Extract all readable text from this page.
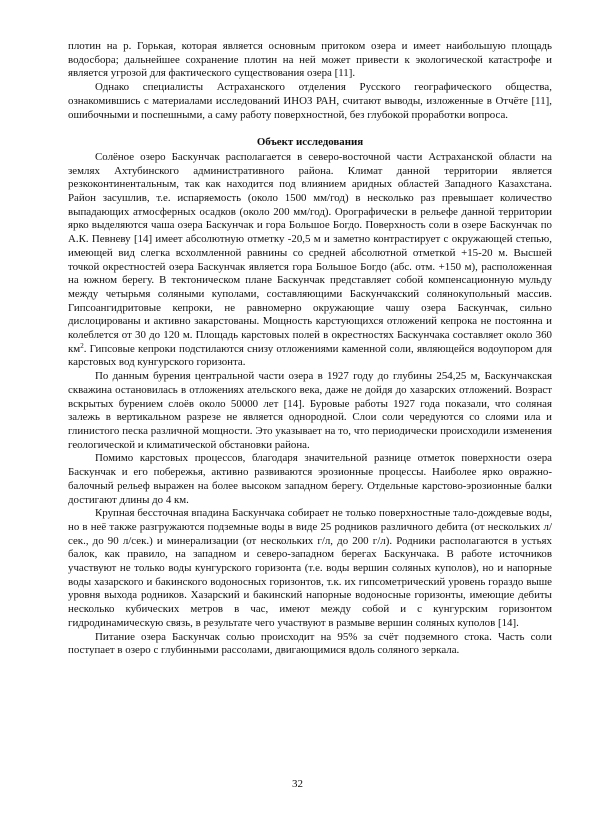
плотин на р. Горькая, которая является основным притоком озера и имеет наибольшую площадь водосбора; дальнейшее сохранение плотин на ней может привести к экологической катастрофе и является угрозой для фактического существования озера [11].

Однако специалисты Астраханского отделения Русского географического общества, ознакомившись с материалами исследований ИНОЗ РАН, считают выводы, изложенные в Отчёте [11], ошибочными и поспешными, а саму работу поверхностной, без глубокой проработки вопроса.

Объект исследования

Солёное озеро Баскунчак располагается в северо-восточной части Астраханской области на землях Ахтубинского административного района. Климат данной территории является резкоконтинентальным, так как находится под влиянием аридных областей Западного Казахстана. Район засушлив, т.е. испаряемость (около 1500 мм/год) в несколько раз превышает количество выпадающих атмосферных осадков (около 200 мм/год). Орографически в рельефе данной территории ярко выделяются чаша озера Баскунчак и гора Большое Богдо. Поверхность соли в озере Баскунчак по А.К. Певневу [14] имеет абсолютную отметку -20,5 м и заметно контрастирует с окружающей степью, имеющей вид слегка всхолмленной равнины со средней абсолютной отметкой +15-20 м. Высшей точкой окрестностей озера Баскунчак является гора Большое Богдо (абс. отм. +150 м), расположенная на южном берегу. В тектоническом плане Баскунчак представляет собой компенсационную мульду между четырьмя соляными куполами, составляющими Баскунчакский солянокупольный массив. Гипсоангидритовые кепроки, не равномерно окружающие чашу озера Баскунчак, сильно дислоцированы и активно закарстованы. Мощность карстующихся отложений кепрока не постоянна и колеблется от 30 до 120 м. Площадь карстовых полей в окрестностях Баскунчака составляет около 360 $км^2$. Гипсовые кепроки подстилаются снизу отложениями каменной соли, являющейся водоупором для карстовых вод кунгурского горизонта.

По данным бурения центральной части озера в 1927 году до глубины 254,25 м, Баскунчакская скважина остановилась в отложениях ательского века, даже не дойдя до хазарских отложений. Возраст вскрытых бурением слоёв около 50000 лет [14]. Буровые работы 1927 года показали, что соляная залежь в вертикальном разрезе не является однородной. Слои соли чередуются со слоями ила и глинистого песка различной мощности. Это указывает на то, что периодически происходили изменения геологической и климатической обстановки района.

Помимо карстовых процессов, благодаря значительной разнице отметок поверхности озера Баскунчак и его побережья, активно развиваются эрозионные процессы. Наиболее ярко овражно-балочный рельеф выражен на более высоком западном берегу. Отдельные карстово-эрозионные балки достигают длины до 4 км.

Крупная бессточная впадина Баскунчака собирает не только поверхностные тало-дождевые воды, но в неё также разгружаются подземные воды в виде 25 родников различного дебита (от нескольких л/сек., до 90 л/сек.) и минерализации (от нескольких г/л, до 200 г/л). Родники располагаются в устьях балок, как правило, на западном и северо-западном берегах Баскунчака. В работе источников участвуют не только воды кунгурского горизонта (т.е. воды вершин соляных куполов), но и напорные воды хазарского и бакинского водоносных горизонтов, т.к. их гипсометрический уровень гораздо выше уровня выхода родников. Хазарский и бакинский напорные водоносные горизонты, имеющие дебиты несколько кубических метров в час, имеют между собой и с кунгурским горизонтом гидродинамическую связь, в результате чего участвуют в размыве вершин соляных куполов [14].

Питание озера Баскунчак солью происходит на 95% за счёт подземного стока. Часть соли поступает в озеро с глубинными рассолами, двигающимися вдоль соляного зеркала.

32
